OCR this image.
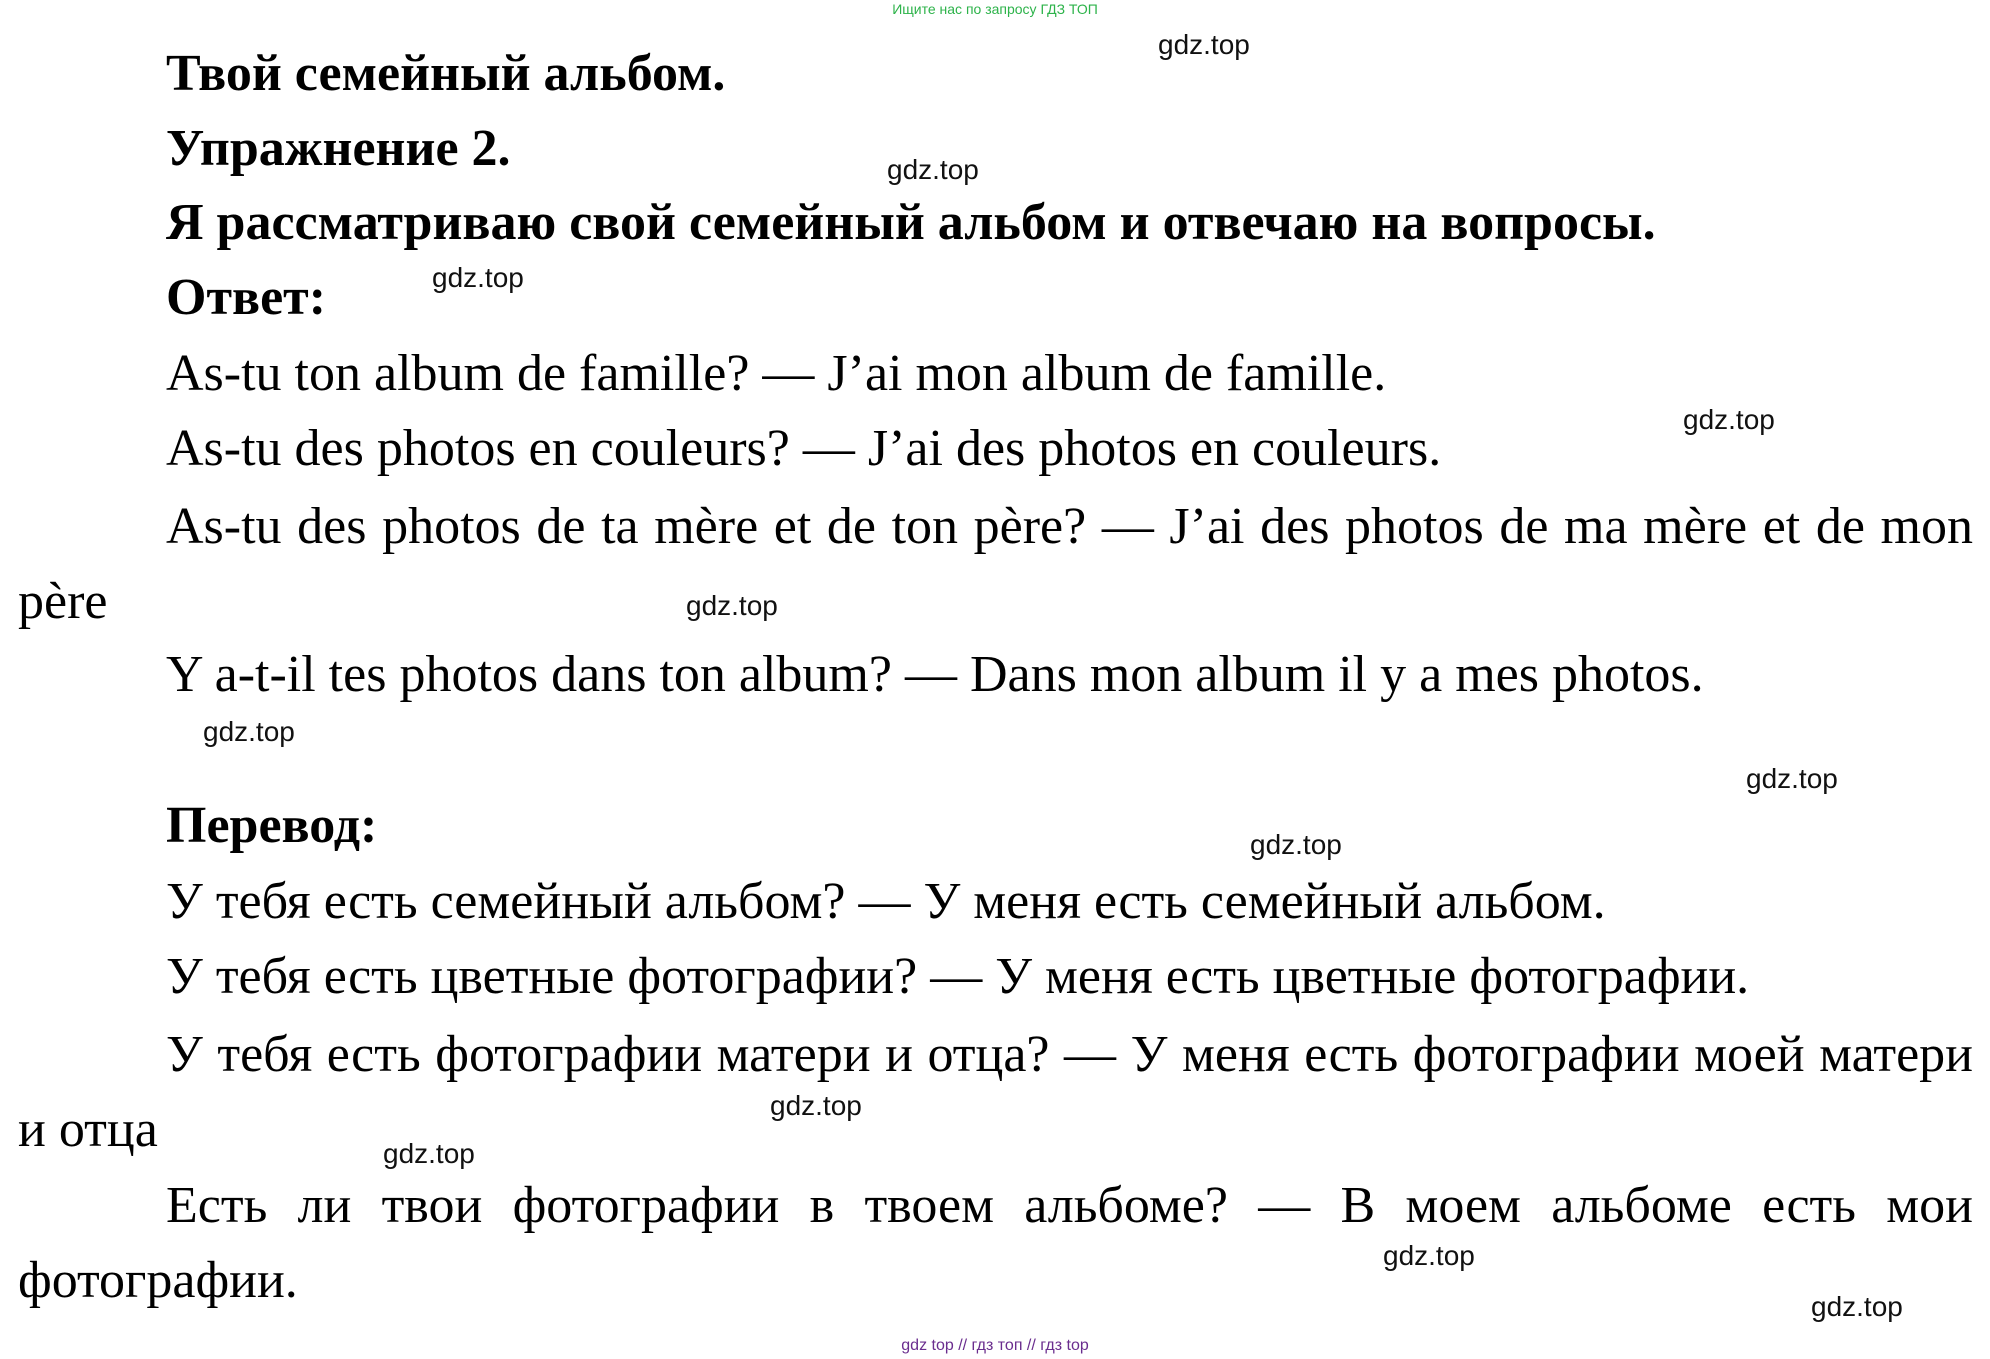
Ищите нас по запросу ГДЗ ТОП
Твой семейный альбом.
Упражнение 2.
Я рассматриваю свой семейный альбом и отвечаю на вопросы.
Ответ:
As-tu ton album de famille? — J’ai mon album de famille.
As-tu des photos en couleurs? — J’ai des photos en couleurs.
As-tu des photos de ta mère et de ton père? — J’ai des photos de ma mère et de mon père
Y a-t-il tes photos dans ton album? — Dans mon album il y a mes photos.
Перевод:
У тебя есть семейный альбом? — У меня есть семейный альбом.
У тебя есть цветные фотографии? — У меня есть цветные фотографии.
У тебя есть фотографии матери и отца? — У меня есть фотографии моей матери и отца
Есть ли твои фотографии в твоем альбоме? — В моем альбоме есть мои фотографии.
gdz.top
gdz.top
gdz.top
gdz.top
gdz.top
gdz.top
gdz.top
gdz.top
gdz.top
gdz.top
gdz.top
gdz.top
gdz top // гдз топ // гдз top
